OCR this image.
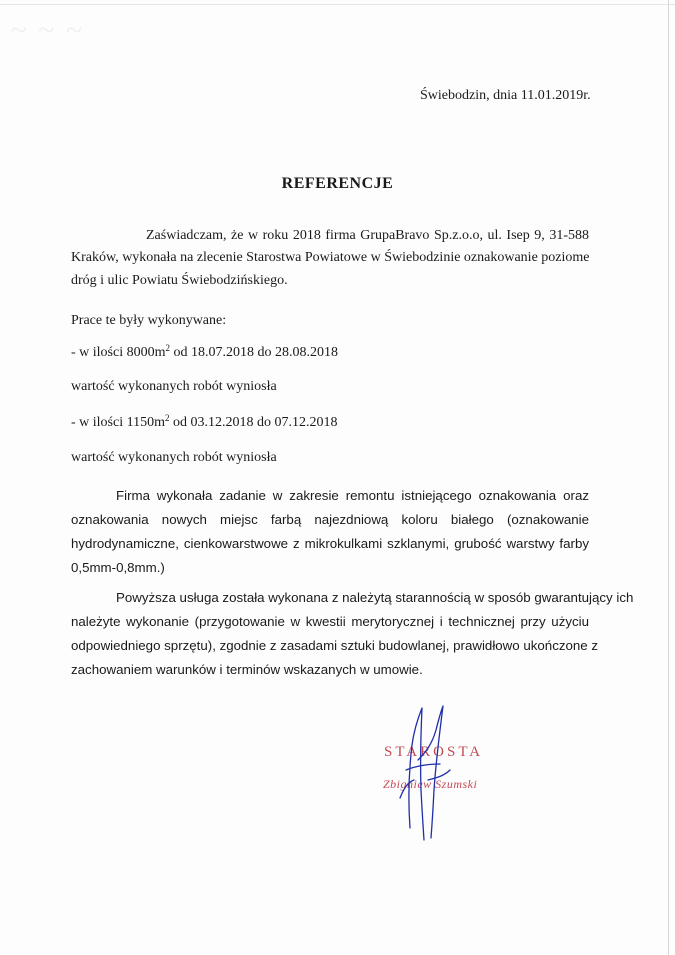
~ ~ ~
Świebodzin, dnia 11.01.2019r.
REFERENCJE
Zaświadczam, że w roku 2018 firma GrupaBravo Sp.z.o.o, ul. Isep 9, 31-588
Kraków, wykonała na zlecenie Starostwa Powiatowe w Świebodzinie oznakowanie poziome
dróg i ulic Powiatu Świebodzińskiego.
Prace te były wykonywane:
- w ilości $8000m^2$ od 18.07.2018 do 28.08.2018
wartość wykonanych robót wyniosła
- w ilości $1150m^2$ od 03.12.2018 do 07.12.2018
wartość wykonanych robót wyniosła
Firma wykonała zadanie w zakresie remontu istniejącego oznakowania oraz
oznakowania nowych miejsc farbą najezdniową koloru białego (oznakowanie
hydrodynamiczne, cienkowarstwowe z mikrokulkami szklanymi, grubość warstwy farby
0,5mm-0,8mm.)
Powyższa usługa została wykonana z należytą starannością w sposób gwarantujący ich
należyte wykonanie (przygotowanie w kwestii merytorycznej i technicznej przy użyciu
odpowiedniego sprzętu), zgodnie z zasadami sztuki budowlanej, prawidłowo ukończone z
zachowaniem warunków i terminów wskazanych w umowie.
STAROSTA
Zbigniew Szumski
